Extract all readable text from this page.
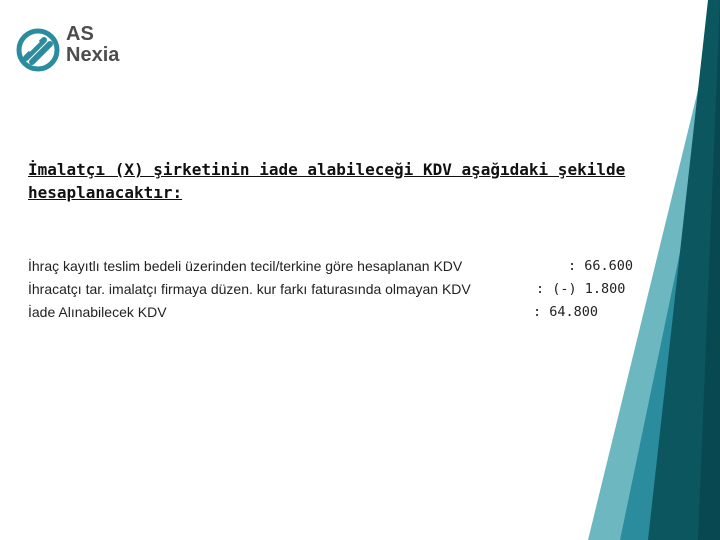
AS
Nexia
İmalatçı (X) şirketinin iade alabileceği KDV aşağıdaki şekilde
hesaplanacaktır:
İhraç kayıtlı teslim bedeli üzerinden tecil/terkine göre hesaplanan KDV	: 66.600
İhracatçı tar. imalatçı firmaya düzen. kur farkı faturasında olmayan KDV	: (-) 1.800
İade Alınabilecek KDV	: 64.800
